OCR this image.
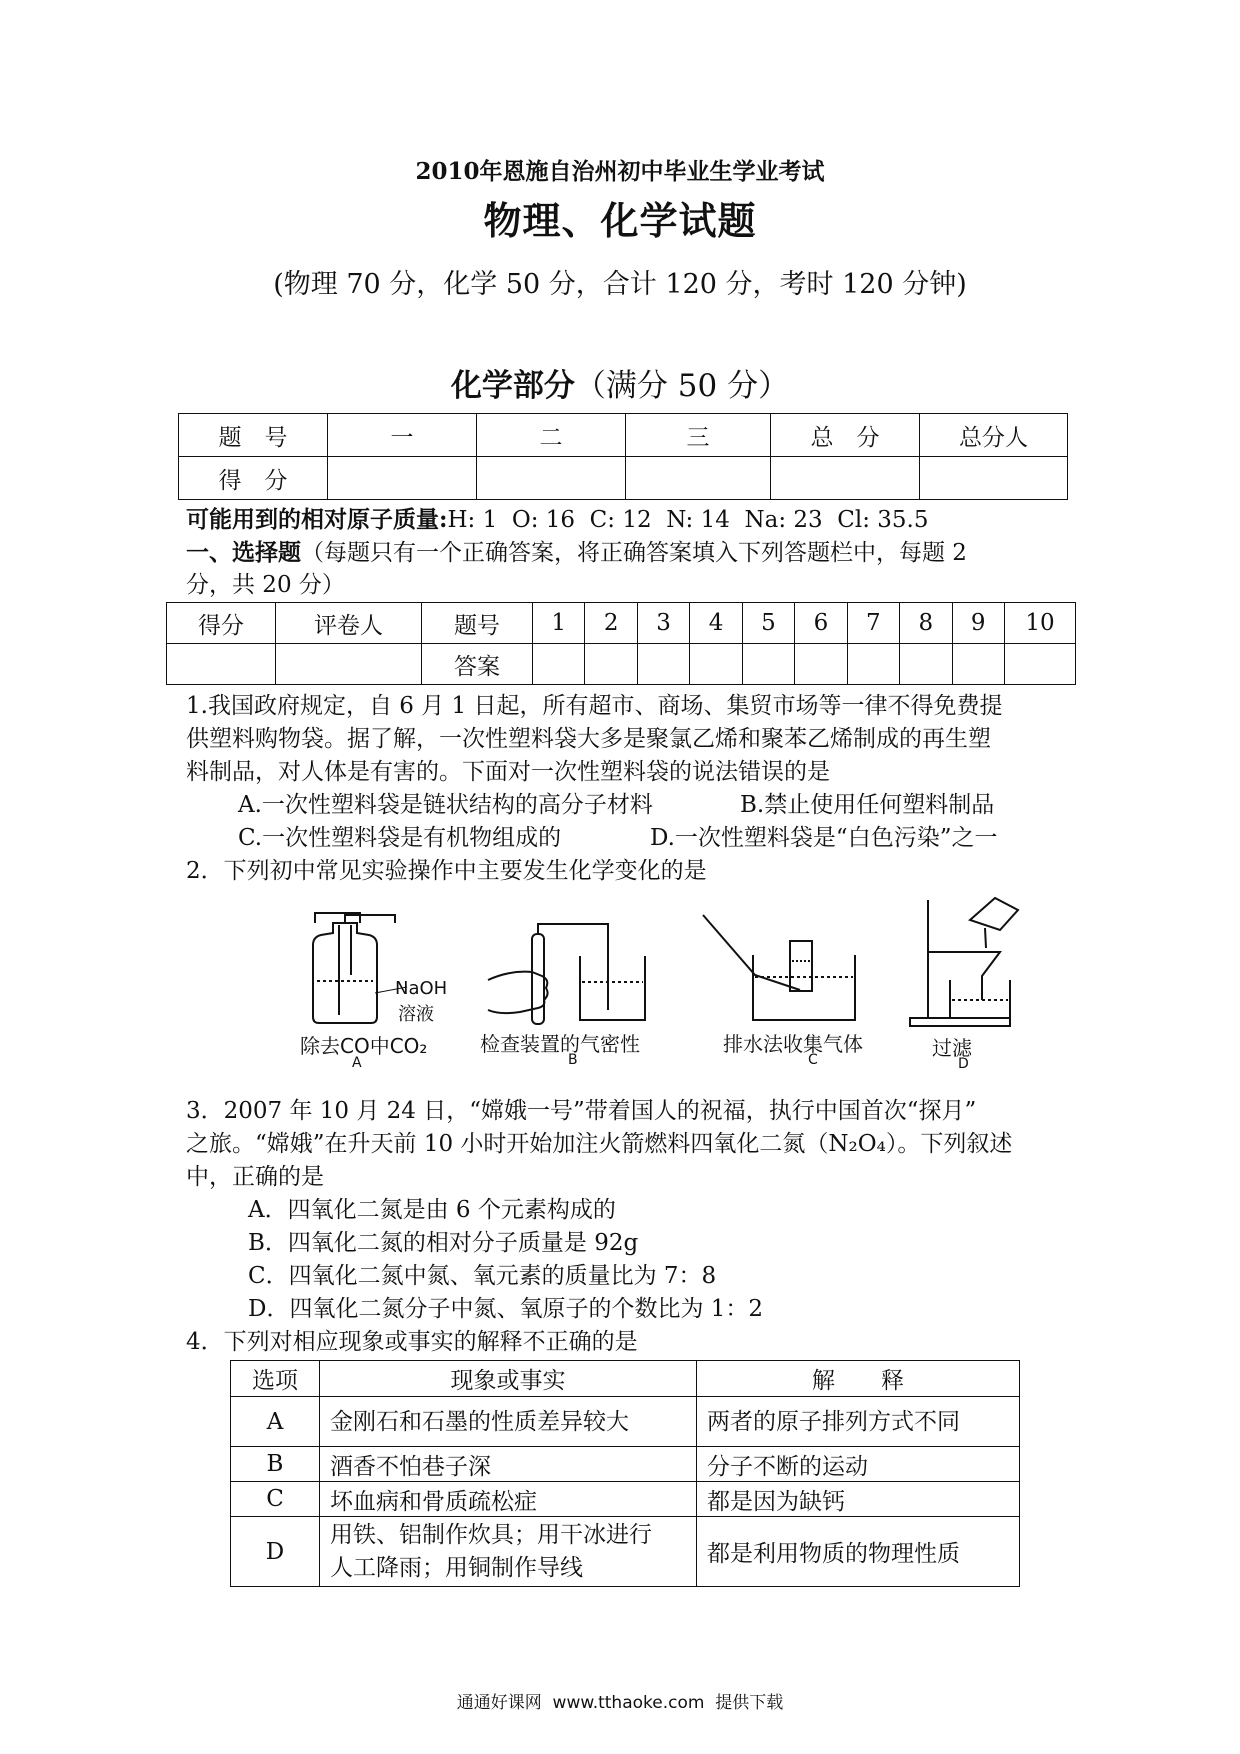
2010年恩施自治州初中毕业生学业考试
物理、化学试题
(物理 70 分，化学 50 分，合计 120 分，考时 120 分钟)
化学部分（满分 50 分）
题　号	一	二	三	总　分	总分人
得　分					
可能用到的相对原子质量:H: 1  O: 16  C: 12  N: 14  Na: 23  Cl: 35.5
一、选择题（每题只有一个正确答案，将正确答案填入下列答题栏中，每题 2
分，共 20 分）
得分	评卷人	题号	1	2	3	4	5	6	7	8	9	10
		答案										
1.我国政府规定，自 6 月 1 日起，所有超市、商场、集贸市场等一律不得免费提
供塑料购物袋。据了解，一次性塑料袋大多是聚氯乙烯和聚苯乙烯制成的再生塑
料制品，对人体是有害的。下面对一次性塑料袋的说法错误的是
A.一次性塑料袋是链状结构的高分子材料	B.禁止使用任何塑料制品
C.一次性塑料袋是有机物组成的	D.一次性塑料袋是“白色污染”之一
2．下列初中常见实验操作中主要发生化学变化的是
NaOH
溶液
除去CO中CO₂
A
检查装置的气密性
B
排水法收集气体
C	过滤
D
3．2007 年 10 月 24 日，“嫦娥一号”带着国人的祝福，执行中国首次“探月”
之旅。“嫦娥”在升天前 10 小时开始加注火箭燃料四氧化二氮（N₂O₄）。下列叙述
中，正确的是
A．四氧化二氮是由 6 个元素构成的
B．四氧化二氮的相对分子质量是 92g
C．四氧化二氮中氮、氧元素的质量比为 7：8
D．四氧化二氮分子中氮、氧原子的个数比为 1：2
4．下列对相应现象或事实的解释不正确的是
选项	现象或事实	解　　释
A	金刚石和石墨的性质差异较大	两者的原子排列方式不同
B	酒香不怕巷子深	分子不断的运动
C	坏血病和骨质疏松症	都是因为缺钙
D	用铁、铝制作炊具；用干冰进行
人工降雨；用铜制作导线	都是利用物质的物理性质
通通好课网  www.tthaoke.com  提供下载
